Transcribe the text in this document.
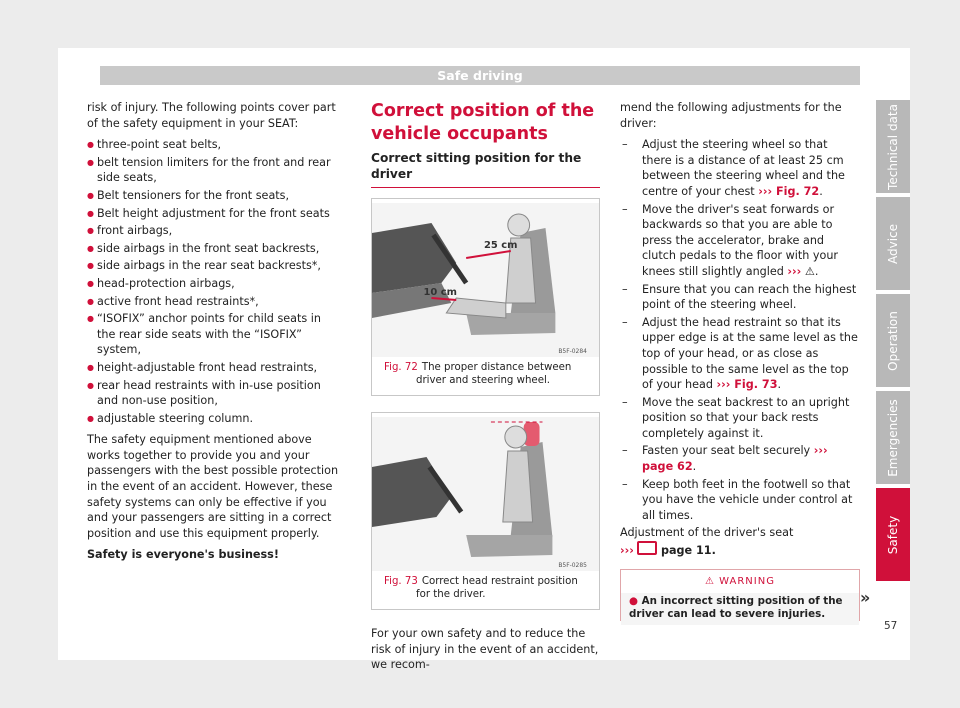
Safe driving

risk of injury. The following points cover part of the safety equipment in your SEAT:

● three-point seat belts,
● belt tension limiters for the front and rear side seats,
● Belt tensioners for the front seats,
● Belt height adjustment for the front seats
● front airbags,
● side airbags in the front seat backrests,
● side airbags in the rear seat backrests*,
● head-protection airbags,
● active front head restraints*,
● “ISOFIX” anchor points for child seats in the rear side seats with the “ISOFIX” system,
● height-adjustable front head restraints,
● rear head restraints with in-use position and non-use position,
● adjustable steering column.

The safety equipment mentioned above works together to provide you and your passengers with the best possible protection in the event of an accident. However, these safety systems can only be effective if you and your passengers are sitting in a correct position and use this equipment properly.

Safety is everyone's business!

Correct position of the vehicle occupants
Correct sitting position for the driver
25 cm
10 cm
B5F-0284

Fig. 72 The proper distance between driver and steering wheel.

B5F-0285

Fig. 73 Correct head restraint position for the driver.

For your own safety and to reduce the risk of injury in the event of an accident, we recom-

mend the following adjustments for the driver:

– Adjust the steering wheel so that there is a distance of at least 25 cm between the steering wheel and the centre of your chest ››› Fig. 72.
– Move the driver's seat forwards or backwards so that you are able to press the accelerator, brake and clutch pedals to the floor with your knees still slightly angled ››› ⚠.
– Ensure that you can reach the highest point of the steering wheel.
– Adjust the head restraint so that its upper edge is at the same level as the top of your head, or as close as possible to the same level as the top of your head ››› Fig. 73.
– Move the seat backrest to an upright position so that your back rests completely against it.
– Fasten your seat belt securely ››› page 62.
– Keep both feet in the footwell so that you have the vehicle under control at all times.

Adjustment of the driver's seat
››› page 11.

⚠ WARNING

● An incorrect sitting position of the driver can lead to severe injuries.

»
Technical data
Advice
Operation
Emergencies
Safety
57
